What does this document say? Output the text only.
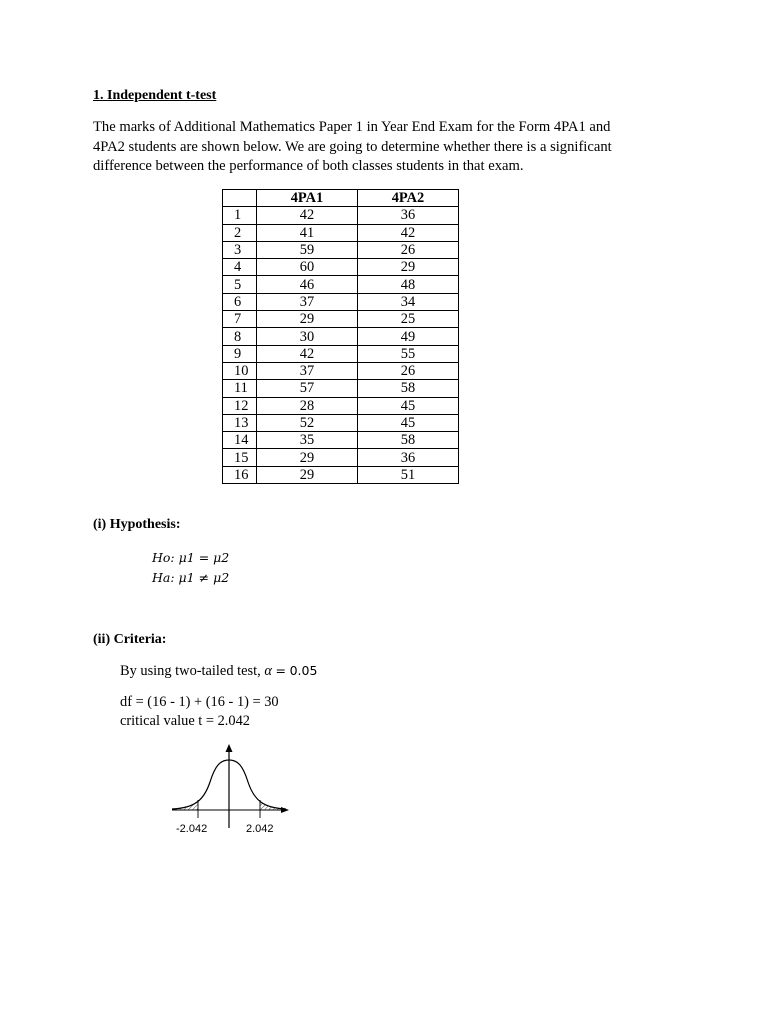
1. Independent t-test

The marks of Additional Mathematics Paper 1 in Year End Exam for the Form 4PA1 and

4PA2 students are shown below. We are going to determine whether there is a significant

difference between the performance of both classes students in that exam.

	4PA1	4PA2
1	42	36
2	41	42
3	59	26
4	60	29
5	46	48
6	37	34
7	29	25
8	30	49
9	42	55
10	37	26
11	57	58
12	28	45
13	52	45
14	35	58
15	29	36
16	29	51
(i) Hypothesis:
Ho: μ1 = μ2
Ha: μ1 ≠ μ2
(ii) Criteria:
By using two-tailed test, α = 0.05
df = (16 - 1) + (16 - 1) = 30
critical value t = 2.042
-2.042	2.042
